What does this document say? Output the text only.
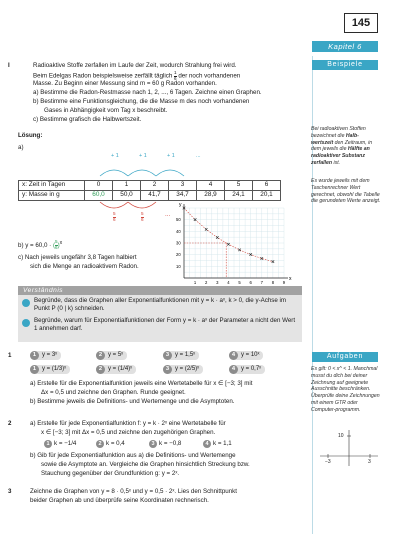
145
Kapitel 6
Beispiele
I	Radioaktive Stoffe zerfallen im Laufe der Zeit, wodurch Strahlung frei wird.
Beim Edelgas Radon beispielsweise zerfällt täglich $\frac{1}{6}$ der noch vorhandenen
Masse. Zu Beginn einer Messung sind m = 60 g Radon vorhanden.
a) Bestimme die Radon-Restmasse nach 1, 2, ..., 6 Tagen. Zeichne einen Graphen.
b) Bestimme eine Funktionsgleichung, die die Masse m des noch vorhandenen
Gases in Abhängigkeit vom Tag x beschreibt.
c) Bestimme grafisch die Halbwertszeit.
Lösung:
a)
+ 1	+ 1	+ 1	...
x: Zeit in Tagen	0	1	2	3	4	5	6
y: Masse in g	60,0	50,0	41,7	34,7	28,9	24,1	20,1
$\frac{5}{6}$	$\frac{5}{6}$	...
b) y = 60,0 · ( $\frac{5}{6} )^x$
c) Nach jeweils ungefähr 3,8 Tagen halbiert
sich die Menge an radioaktivem Radon.
x
y
1 2 3 4 5 6 7 8 9
10
20
30
40
50
Bei radioaktiven Stoffen bezeichnet die Halb-wertszeit den Zeitraum, in dem jeweils die Hälfte an radioaktiver Substanz zerfallen ist.
Es wurde jeweils mit dem Taschenrechner Wert gerechnet, obwohl die Tabelle die gerundeten Werte anzeigt.
Verständnis
Begründe, dass die Graphen aller Exponentialfunktionen mit y = k · aˣ, k > 0, die y-Achse im Punkt P (0 | k) schneiden.
Begründe, warum für Exponentialfunktionen der Form y = k · aˣ der Parameter a nicht den Wert 1 annehmen darf.
Aufgaben
Es gilt: 0 < x^ < 1. Manchmal musst du dich bei deiner Zeichnung auf geeignete Ausschnitte beschränken. Überprüfe deine Zeichnungen mit einem GTR oder Computer-programm.
10
−3	3
1	1 y = 3ˣ	2 y = 5ˣ	3 y = 1,5ˣ	4 y = 10ˣ
1 y = (1/3)ˣ	2 y = (1/4)ˣ	3 y = (2/5)ˣ	4 y = 0,7ˣ
a) Erstelle für die Exponentialfunktion jeweils eine Wertetabelle für x ∈ [−3; 3] mit
Δx = 0,5 und zeichne den Graphen. Runde geeignet.
b) Bestimme jeweils die Definitions- und Wertemenge und die Asymptoten.
2	a) Erstelle für jede Exponentialfunktion f: y = k · 2ˣ eine Wertetabelle für
x ∈ [−3; 3] mit Δx = 0,5 und zeichne den zugehörigen Graphen.
1 k = −1/4	2 k = 0,4	3 k = −0,8	4 k = 1,1
b) Gib für jede Exponentialfunktion aus a) die Definitions- und Wertemenge
sowie die Asymptote an. Vergleiche die Graphen hinsichtlich Streckung bzw.
Stauchung gegenüber der Grundfunktion g: y = 2ˣ.
3	Zeichne die Graphen von y = 8 · 0,5ˣ und y = 0,5 · 2ˣ. Lies den Schnittpunkt
beider Graphen ab und überprüfe seine Koordinaten rechnerisch.
